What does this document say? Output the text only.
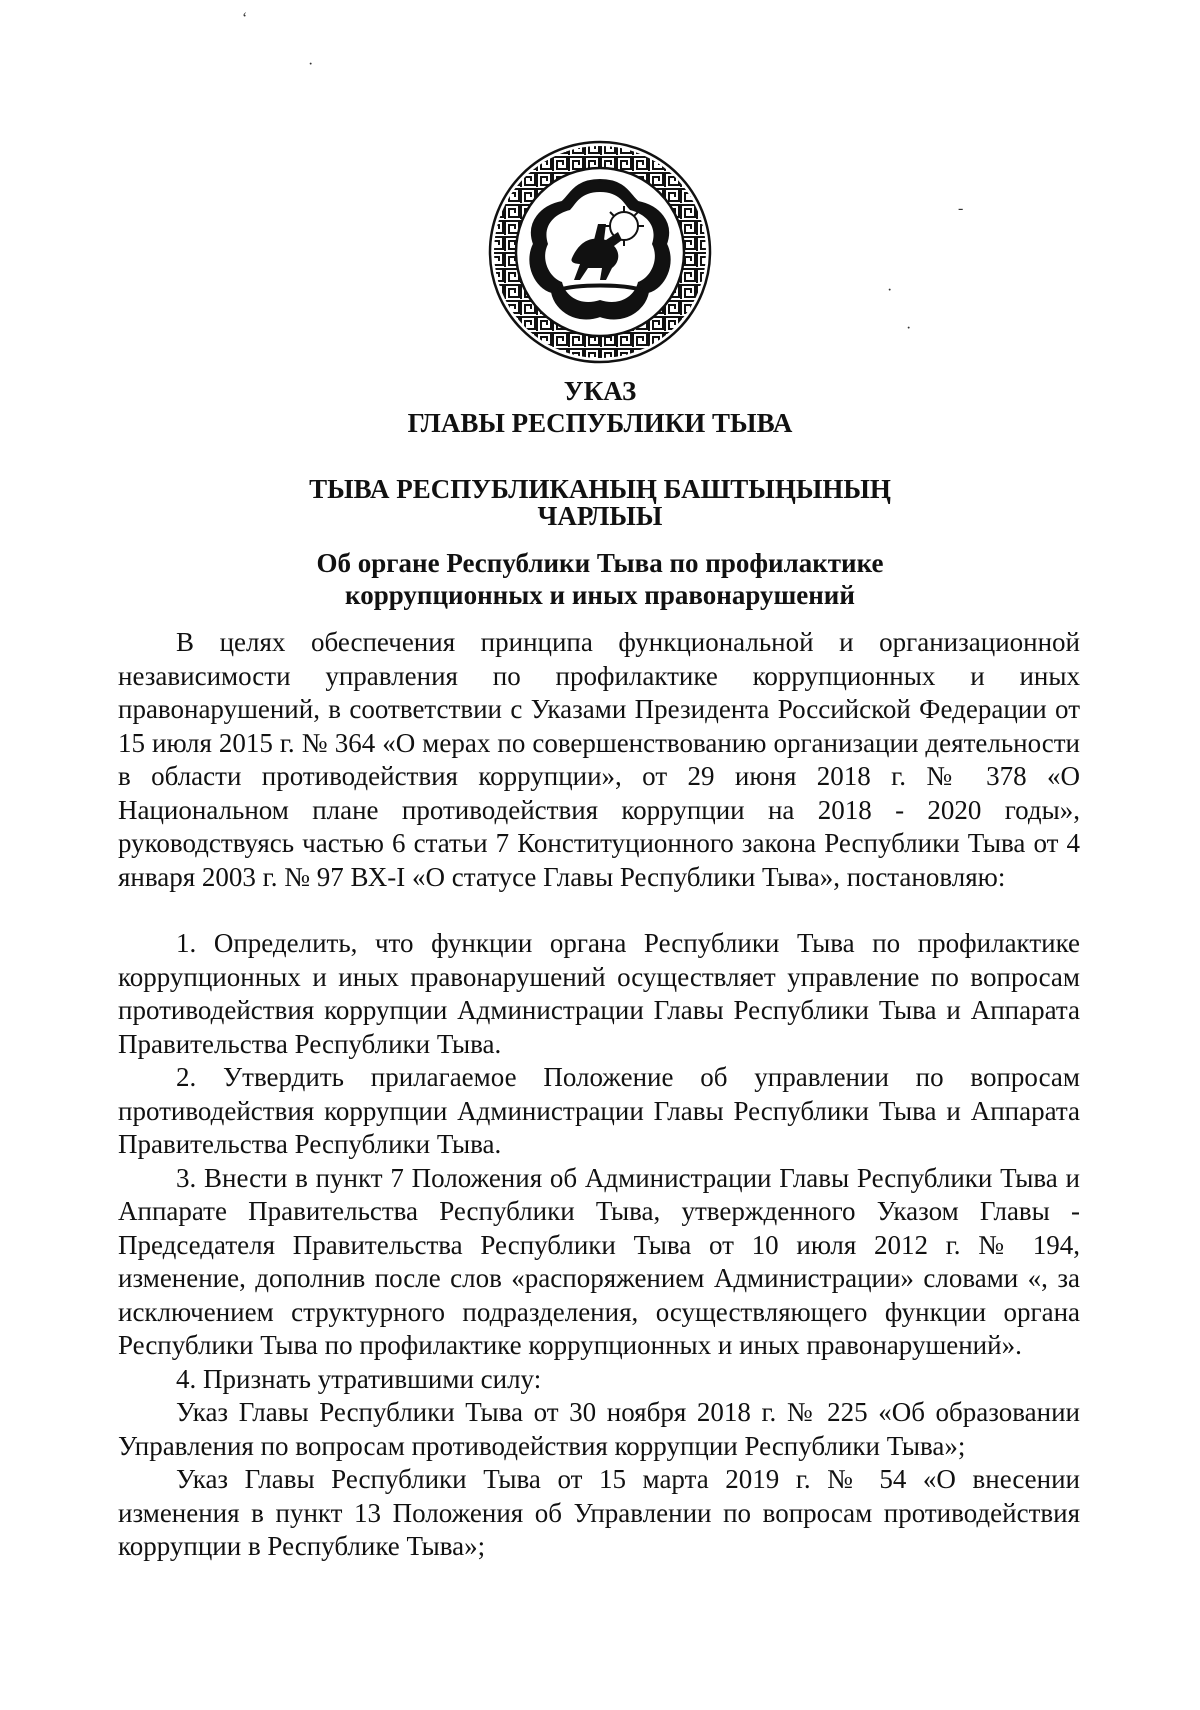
‘
·
-
·
·
УКАЗ
ГЛАВЫ РЕСПУБЛИКИ ТЫВА
ТЫВА РЕСПУБЛИКАНЫҢ БАШТЫҢЫНЫҢ
ЧАРЛЫЫ
Об органе Республики Тыва по профилактике
коррупционных и иных правонарушений

В целях обеспечения принципа функциональной и организационной независимости управления по профилактике коррупционных и иных правонарушений, в соответствии с Указами Президента Российской Федерации от 15 июля 2015 г. № 364 «О мерах по совершенствованию организации деятельности в области противодействия коррупции», от 29 июня 2018 г. № 378 «О Национальном плане противодействия коррупции на 2018 - 2020 годы», руководствуясь частью 6 статьи 7 Конституционного закона Республики Тыва от 4 января 2003 г. № 97 ВХ-I «О статусе Главы Республики Тыва», постановляю:

1. Определить, что функции органа Республики Тыва по профилактике коррупционных и иных правонарушений осуществляет управление по вопросам противодействия коррупции Администрации Главы Республики Тыва и Аппарата Правительства Республики Тыва.

2. Утвердить прилагаемое Положение об управлении по вопросам противодействия коррупции Администрации Главы Республики Тыва и Аппарата Правительства Республики Тыва.

3. Внести в пункт 7 Положения об Администрации Главы Республики Тыва и Аппарате Правительства Республики Тыва, утвержденного Указом Главы - Председателя Правительства Республики Тыва от 10 июля 2012 г. № 194, изменение, дополнив после слов «распоряжением Администрации» словами «, за исключением структурного подразделения, осуществляющего функции органа Республики Тыва по профилактике коррупционных и иных правонарушений».

4. Признать утратившими силу:

Указ Главы Республики Тыва от 30 ноября 2018 г. № 225 «Об образовании Управления по вопросам противодействия коррупции Республики Тыва»;

Указ Главы Республики Тыва от 15 марта 2019 г. № 54 «О внесении изменения в пункт 13 Положения об Управлении по вопросам противодействия коррупции в Республике Тыва»;
